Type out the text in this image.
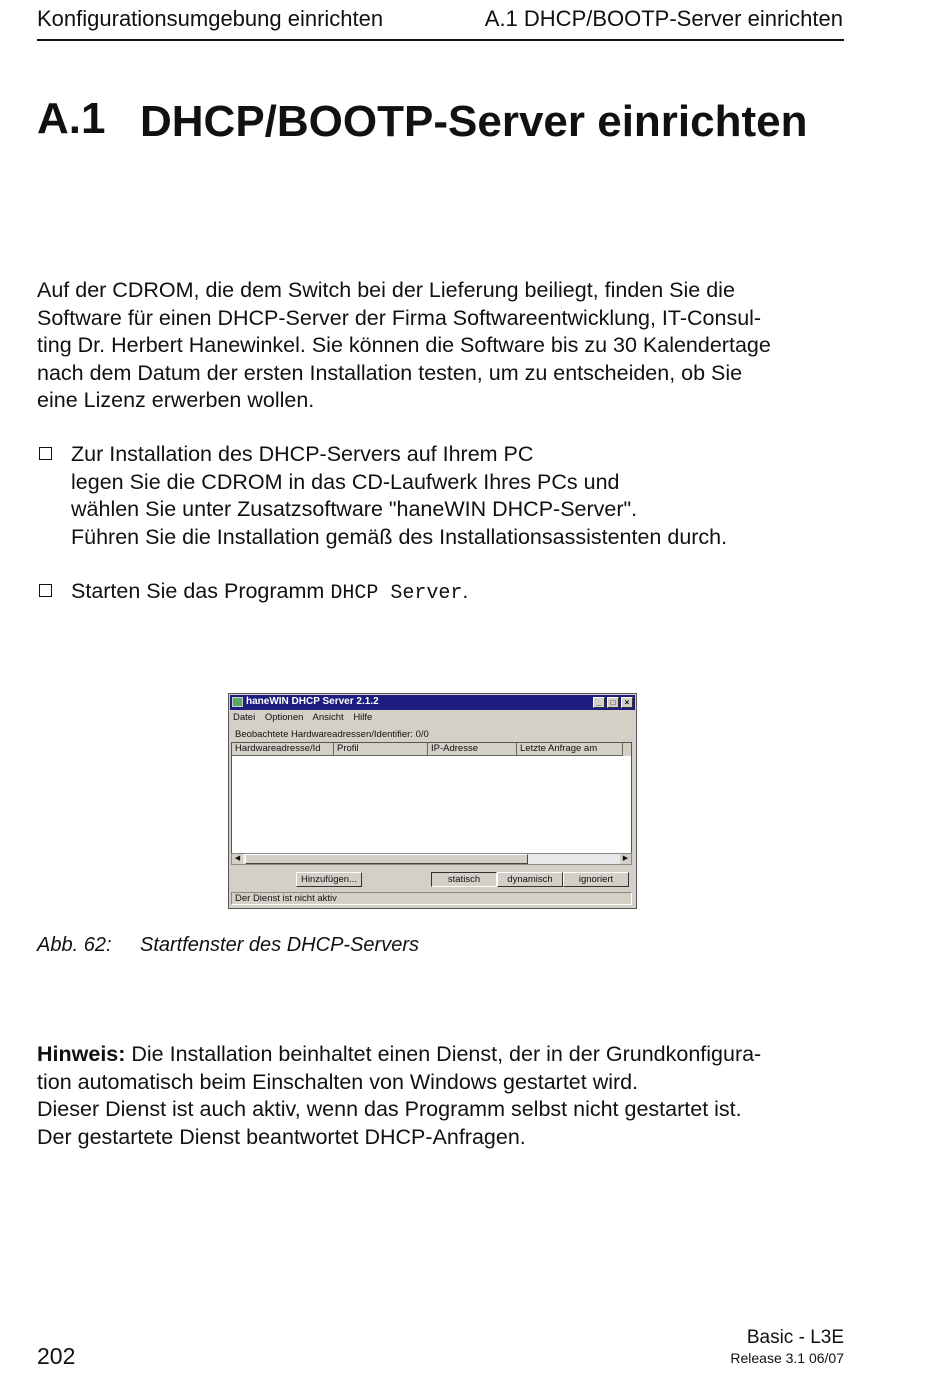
Konfigurationsumgebung einrichten	A.1 DHCP/BOOTP-Server einrichten
A.1 DHCP/BOOTP-Server einrichten
Auf der CDROM, die dem Switch bei der Lieferung beiliegt, finden Sie die
Software für einen DHCP-Server der Firma Softwareentwicklung, IT-Consul-
ting Dr. Herbert Hanewinkel. Sie können die Software bis zu 30 Kalendertage
nach dem Datum der ersten Installation testen, um zu entscheiden, ob Sie
eine Lizenz erwerben wollen.
Zur Installation des DHCP-Servers auf Ihrem PC
legen Sie die CDROM in das CD-Laufwerk Ihres PCs und
wählen Sie unter Zusatzsoftware "haneWIN DHCP-Server".
Führen Sie die Installation gemäß des Installationsassistenten durch.
Starten Sie das Programm DHCP Server.
haneWIN DHCP Server 2.1.2	_	□	×
Datei Optionen Ansicht Hilfe
Beobachtete Hardwareadressen/Identifier: 0/0
Hardwareadresse/Id	Profil	IP-Adresse	Letzte Anfrage am
◀	▶
Hinzufügen...	statisch	dynamisch	ignoriert
Der Dienst ist nicht aktiv
Abb. 62: Startfenster des DHCP-Servers
Hinweis: Die Installation beinhaltet einen Dienst, der in der Grundkonfigura-
tion automatisch beim Einschalten von Windows gestartet wird.
Dieser Dienst ist auch aktiv, wenn das Programm selbst nicht gestartet ist.
Der gestartete Dienst beantwortet DHCP-Anfragen.
202
Basic - L3E
Release 3.1 06/07
